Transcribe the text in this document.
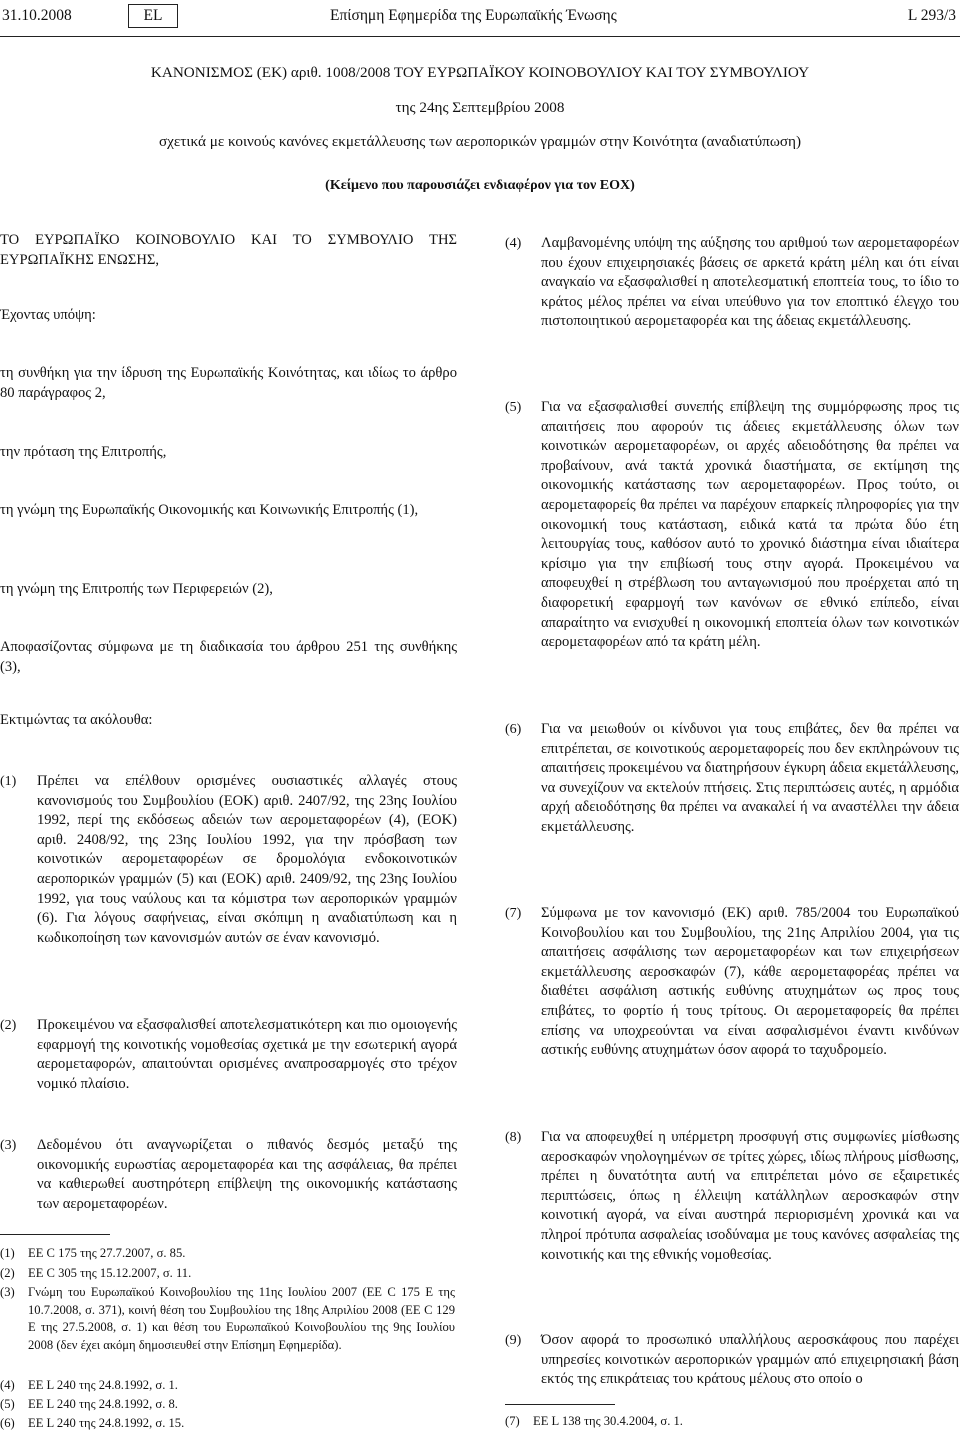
31.10.2008	EL	Επίσημη Εφημερίδα της Ευρωπαϊκής Ένωσης	L 293/3
ΚΑΝΟΝΙΣΜΟΣ (ΕΚ) αριθ. 1008/2008 ΤΟΥ ΕΥΡΩΠΑΪΚΟΥ ΚΟΙΝΟΒΟΥΛΙΟΥ ΚΑΙ ΤΟΥ ΣΥΜΒΟΥΛΙΟΥ
της 24ης Σεπτεμβρίου 2008
σχετικά με κοινούς κανόνες εκμετάλλευσης των αεροπορικών γραμμών στην Κοινότητα (αναδιατύπωση)
(Κείμενο που παρουσιάζει ενδιαφέρον για τον ΕΟΧ)
ΤΟ ΕΥΡΩΠΑΪΚΟ ΚΟΙΝΟΒΟΥΛΙΟ ΚΑΙ ΤΟ ΣΥΜΒΟΥΛΙΟ ΤΗΣ ΕΥΡΩΠΑΪΚΗΣ ΕΝΩΣΗΣ,
Έχοντας υπόψη:
τη συνθήκη για την ίδρυση της Ευρωπαϊκής Κοινότητας, και ιδίως το άρθρο 80 παράγραφος 2,
την πρόταση της Επιτροπής,
τη γνώμη της Ευρωπαϊκής Οικονομικής και Κοινωνικής Επιτροπής (1),
τη γνώμη της Επιτροπής των Περιφερειών (2),
Αποφασίζοντας σύμφωνα με τη διαδικασία του άρθρου 251 της συνθήκης (3),
Εκτιμώντας τα ακόλουθα:
(1)	Πρέπει να επέλθουν ορισμένες ουσιαστικές αλλαγές στους κανονισμούς του Συμβουλίου (ΕΟΚ) αριθ. 2407/92, της 23ης Ιουλίου 1992, περί της εκδόσεως αδειών των αερομεταφορέων (4), (ΕΟΚ) αριθ. 2408/92, της 23ης Ιουλίου 1992, για την πρόσβαση των κοινοτικών αερομεταφορέων σε δρομολόγια ενδοκοινοτικών αεροπορικών γραμμών (5) και (ΕΟΚ) αριθ. 2409/92, της 23ης Ιουλίου 1992, για τους ναύλους και τα κόμιστρα των αεροπορικών γραμμών (6). Για λόγους σαφήνειας, είναι σκόπιμη η αναδιατύπωση και η κωδικοποίηση των κανονισμών αυτών σε έναν κανονισμό.
(2)	Προκειμένου να εξασφαλισθεί αποτελεσματικότερη και πιο ομοιογενής εφαρμογή της κοινοτικής νομοθεσίας σχετικά με την εσωτερική αγορά αερομεταφορών, απαιτούνται ορισμένες αναπροσαρμογές στο τρέχον νομικό πλαίσιο.
(3)	Δεδομένου ότι αναγνωρίζεται ο πιθανός δεσμός μεταξύ της οικονομικής ευρωστίας αερομεταφορέα και της ασφάλειας, θα πρέπει να καθιερωθεί αυστηρότερη επίβλεψη της οικονομικής κατάστασης των αερομεταφορέων.
(1)	ΕΕ C 175 της 27.7.2007, σ. 85.
(2)	ΕΕ C 305 της 15.12.2007, σ. 11.
(3)	Γνώμη του Ευρωπαϊκού Κοινοβουλίου της 11ης Ιουλίου 2007 (ΕΕ C 175 Ε της 10.7.2008, σ. 371), κοινή θέση του Συμβουλίου της 18ης Απριλίου 2008 (ΕΕ C 129 Ε της 27.5.2008, σ. 1) και θέση του Ευρωπαϊκού Κοινοβουλίου της 9ης Ιουλίου 2008 (δεν έχει ακόμη δημοσιευθεί στην Επίσημη Εφημερίδα).
(4)	ΕΕ L 240 της 24.8.1992, σ. 1.
(5)	ΕΕ L 240 της 24.8.1992, σ. 8.
(6)	ΕΕ L 240 της 24.8.1992, σ. 15.
(4)	Λαμβανομένης υπόψη της αύξησης του αριθμού των αερομεταφορέων που έχουν επιχειρησιακές βάσεις σε αρκετά κράτη μέλη και ότι είναι αναγκαίο να εξασφαλισθεί η αποτελεσματική εποπτεία τους, το ίδιο το κράτος μέλος πρέπει να είναι υπεύθυνο για τον εποπτικό έλεγχο του πιστοποιητικού αερομεταφορέα και της άδειας εκμετάλλευσης.
(5)	Για να εξασφαλισθεί συνεπής επίβλεψη της συμμόρφωσης προς τις απαιτήσεις που αφορούν τις άδειες εκμετάλλευσης όλων των κοινοτικών αερομεταφορέων, οι αρχές αδειοδότησης θα πρέπει να προβαίνουν, ανά τακτά χρονικά διαστήματα, σε εκτίμηση της οικονομικής κατάστασης των αερομεταφορέων. Προς τούτο, οι αερομεταφορείς θα πρέπει να παρέχουν επαρκείς πληροφορίες για την οικονομική τους κατάσταση, ειδικά κατά τα πρώτα δύο έτη λειτουργίας τους, καθόσον αυτό το χρονικό διάστημα είναι ιδιαίτερα κρίσιμο για την επιβίωσή τους στην αγορά. Προκειμένου να αποφευχθεί η στρέβλωση του ανταγωνισμού που προέρχεται από τη διαφορετική εφαρμογή των κανόνων σε εθνικό επίπεδο, είναι απαραίτητο να ενισχυθεί η οικονομική εποπτεία όλων των κοινοτικών αερομεταφορέων από τα κράτη μέλη.
(6)	Για να μειωθούν οι κίνδυνοι για τους επιβάτες, δεν θα πρέπει να επιτρέπεται, σε κοινοτικούς αερομεταφορείς που δεν εκπληρώνουν τις απαιτήσεις προκειμένου να διατηρήσουν έγκυρη άδεια εκμετάλλευσης, να συνεχίζουν να εκτελούν πτήσεις. Στις περιπτώσεις αυτές, η αρμόδια αρχή αδειοδότησης θα πρέπει να ανακαλεί ή να αναστέλλει την άδεια εκμετάλλευσης.
(7)	Σύμφωνα με τον κανονισμό (ΕΚ) αριθ. 785/2004 του Ευρωπαϊκού Κοινοβουλίου και του Συμβουλίου, της 21ης Απριλίου 2004, για τις απαιτήσεις ασφάλισης των αερομεταφορέων και των επιχειρήσεων εκμετάλλευσης αεροσκαφών (7), κάθε αερομεταφορέας πρέπει να διαθέτει ασφάλιση αστικής ευθύνης ατυχημάτων ως προς τους επιβάτες, το φορτίο ή τους τρίτους. Οι αερομεταφορείς θα πρέπει επίσης να υποχρεούνται να είναι ασφαλισμένοι έναντι κινδύνων αστικής ευθύνης ατυχημάτων όσον αφορά το ταχυδρομείο.
(8)	Για να αποφευχθεί η υπέρμετρη προσφυγή στις συμφωνίες μίσθωσης αεροσκαφών νηολογημένων σε τρίτες χώρες, ιδίως πλήρους μίσθωσης, πρέπει η δυνατότητα αυτή να επιτρέπεται μόνο σε εξαιρετικές περιπτώσεις, όπως η έλλειψη κατάλληλων αεροσκαφών στην κοινοτική αγορά, να είναι αυστηρά περιορισμένη χρονικά και να πληροί πρότυπα ασφαλείας ισοδύναμα με τους κανόνες ασφαλείας της κοινοτικής και της εθνικής νομοθεσίας.
(9)	Όσον αφορά το προσωπικό υπαλλήλους αεροσκάφους που παρέχει υπηρεσίες κοινοτικών αεροπορικών γραμμών από επιχειρησιακή βάση εκτός της επικράτειας του κράτους μέλους στο οποίο ο
(7)	ΕΕ L 138 της 30.4.2004, σ. 1.
